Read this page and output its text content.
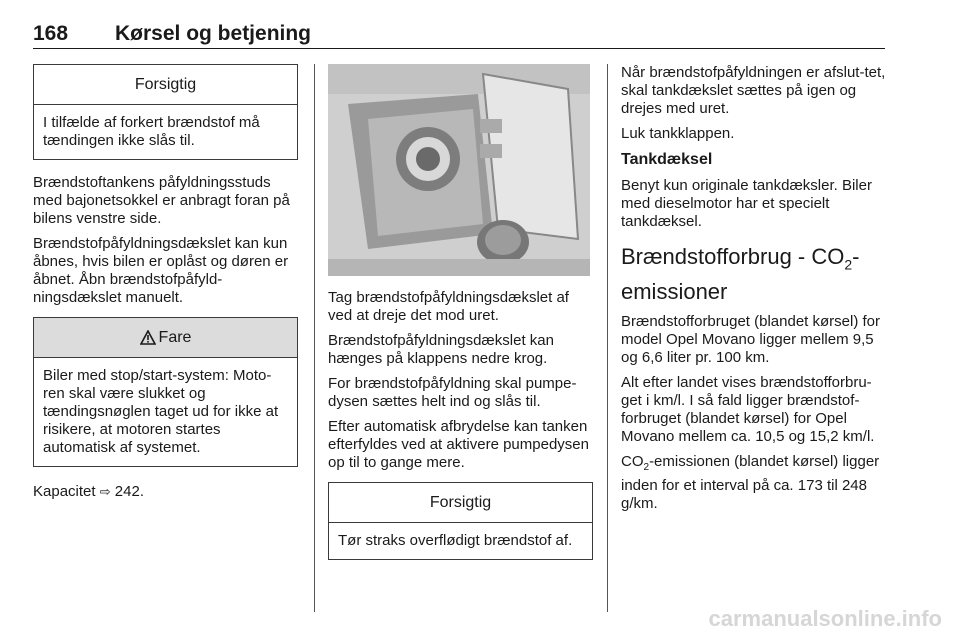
168 Kørsel og betjening
Forsigtig
I tilfælde af forkert brændstof må tændingen ikke slås til.

Brændstoftankens påfyldningsstuds med bajonetsokkel er anbragt foran på bilens venstre side.

Brændstofpåfyldningsdækslet kan kun åbnes, hvis bilen er oplåst og døren er åbnet. Åbn brændstofpåfyld-ningsdækslet manuelt.

Fare
Biler med stop/start-system: Moto-ren skal være slukket og tændingsnøglen taget ud for ikke at risikere, at motoren startes automatisk af systemet.

Kapacitet ⇨ 242.

Tag brændstofpåfyldningsdækslet af ved at dreje det mod uret.

Brændstofpåfyldningsdækslet kan hænges på klappens nedre krog.

For brændstofpåfyldning skal pumpe-dysen sættes helt ind og slås til.

Efter automatisk afbrydelse kan tanken efterfyldes ved at aktivere pumpedysen op til to gange mere.

Forsigtig
Tør straks overflødigt brændstof af.

Når brændstofpåfyldningen er afslut-tet, skal tankdækslet sættes på igen og drejes med uret.

Luk tankklappen.

Tankdæksel

Benyt kun originale tankdæksler. Biler med dieselmotor har et specielt tankdæksel.

Brændstofforbrug - $CO_2$-emissioner

Brændstofforbruget (blandet kørsel) for model Opel Movano ligger mellem 9,5 og 6,6 liter pr. 100 km.

Alt efter landet vises brændstofforbru-get i km/l. I så fald ligger brændstof-forbruget (blandet kørsel) for Opel Movano mellem ca. 10,5 og 15,2 km/l.

$CO_2$-emissionen (blandet kørsel) ligger inden for et interval på ca. 173 til 248 g/km.

carmanualsonline.info
